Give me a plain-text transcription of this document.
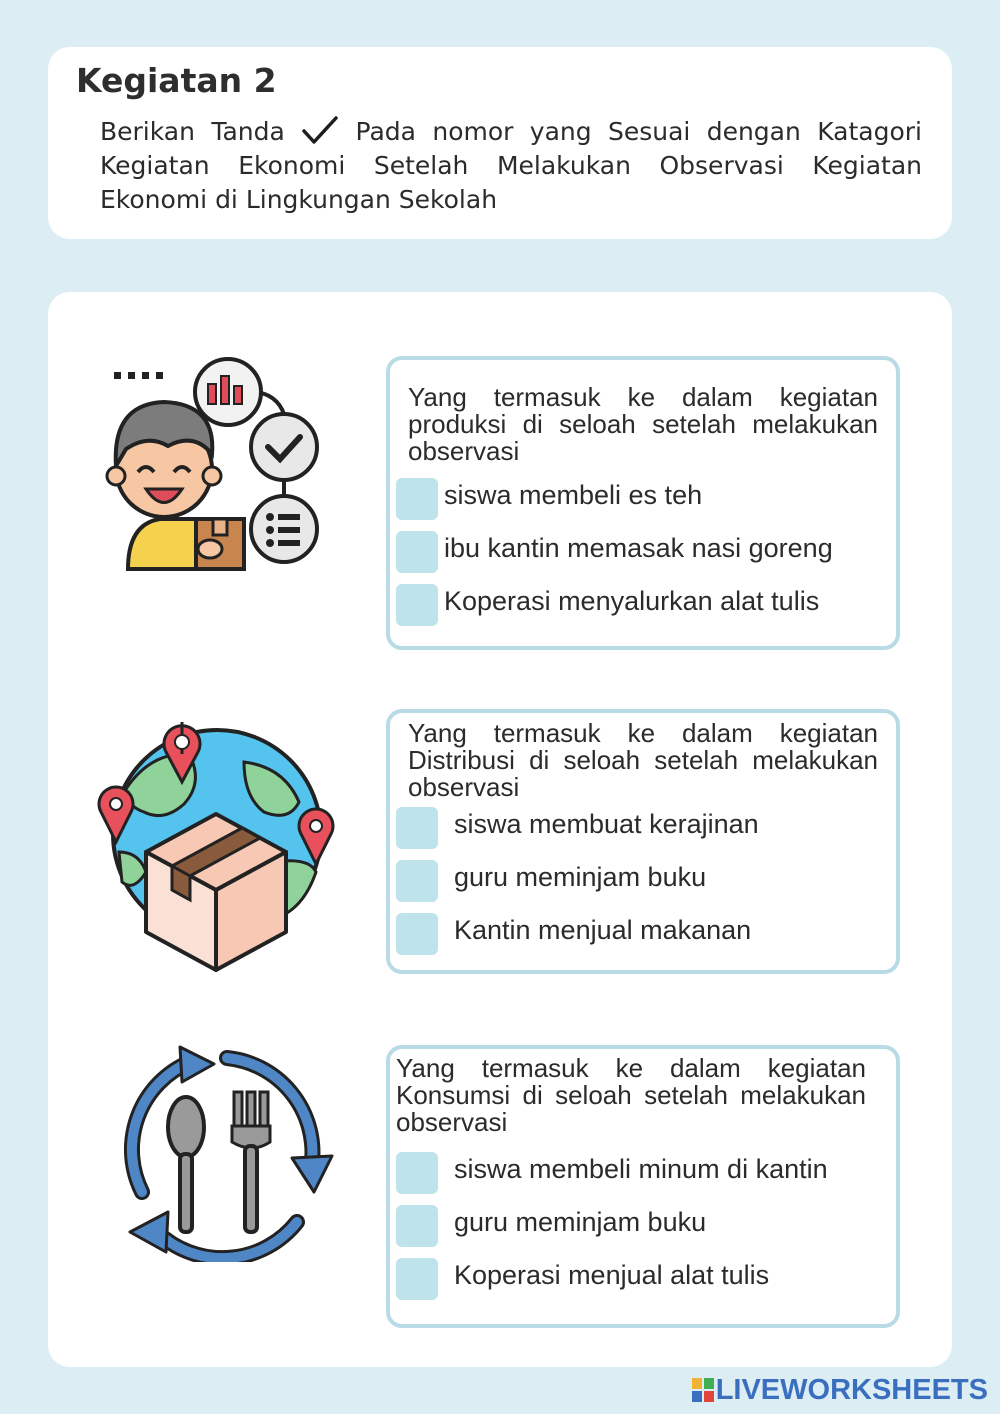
Kegiatan 2
Berikan Tanda	Pada nomor yang Sesuai dengan Katagori Kegiatan Ekonomi Setelah Melakukan Observasi Kegiatan Ekonomi di Lingkungan Sekolah
Yang termasuk ke dalam kegiatan produksi di seloah setelah melakukan observasi
siswa membeli es teh
ibu kantin memasak nasi goreng
Koperasi menyalurkan alat tulis
Yang termasuk ke dalam kegiatan Distribusi di seloah setelah melakukan observasi
siswa membuat kerajinan
guru meminjam buku
Kantin menjual makanan
Yang termasuk ke dalam kegiatan Konsumsi di seloah setelah melakukan observasi
siswa membeli minum di kantin
guru meminjam buku
Koperasi menjual alat tulis
LIVEWORKSHEETS
